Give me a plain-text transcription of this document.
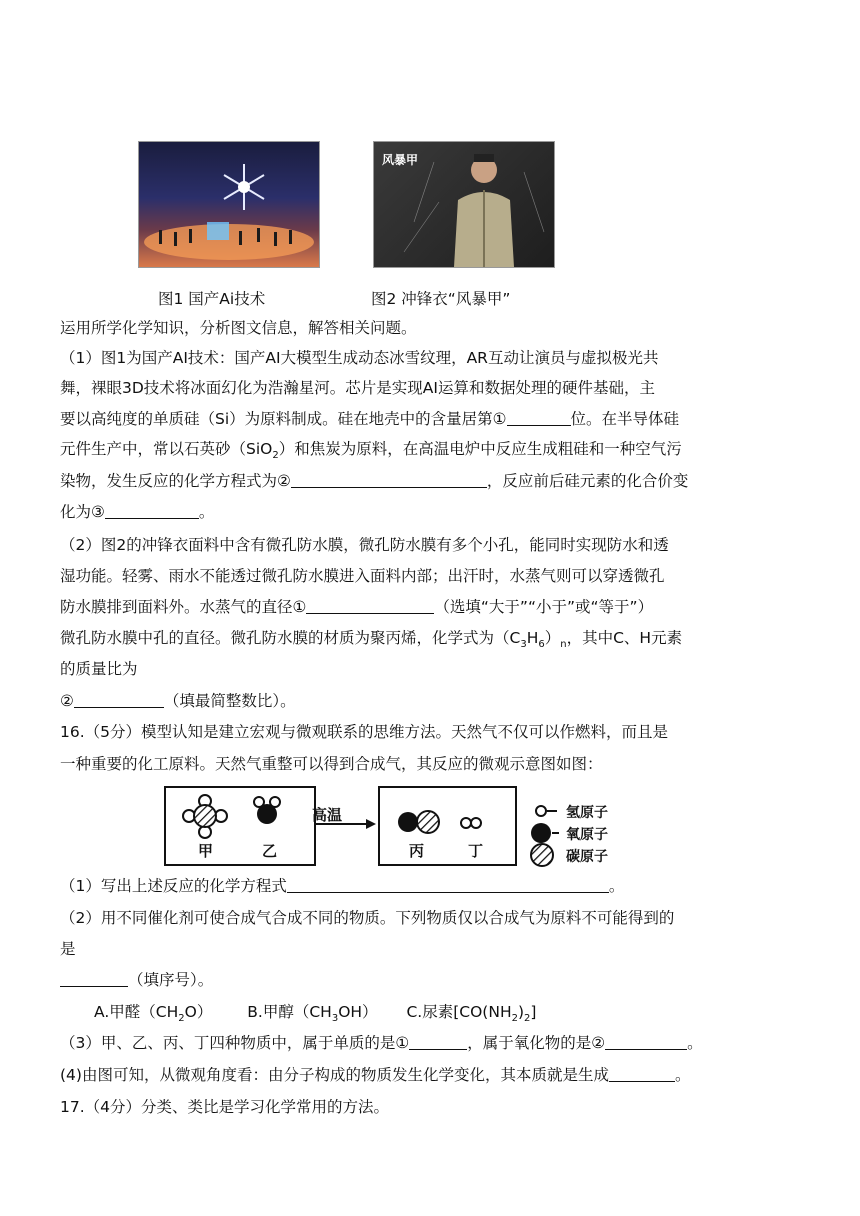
风暴甲
图1 国产Ai技术	图2 冲锋衣“风暴甲”
运用所学化学知识，分析图文信息，解答相关问题。
（1）图1为国产AI技术：国产AI大模型生成动态冰雪纹理，AR互动让演员与虚拟极光共
舞，裸眼3D技术将冰面幻化为浩瀚星河。芯片是实现AI运算和数据处理的硬件基础，主
要以高纯度的单质硅（Si）为原料制成。硅在地壳中的含量居第①	位。在半导体硅
元件生产中，常以石英砂（SiO$_2$）和焦炭为原料，在高温电炉中反应生成粗硅和一种空气污
染物，发生反应的化学方程式为②	，反应前后硅元素的化合价变
化为③	。
（2）图2的冲锋衣面料中含有微孔防水膜，微孔防水膜有多个小孔，能同时实现防水和透
湿功能。轻雾、雨水不能透过微孔防水膜进入面料内部；出汗时，水蒸气则可以穿透微孔
防水膜排到面料外。水蒸气的直径①	（选填“大于”“小于”或“等于”）
微孔防水膜中孔的直径。微孔防水膜的材质为聚丙烯，化学式为$(C_3H_6)_n$，其中C、H元素
的质量比为
②	（填最简整数比）。
16.（5分）模型认知是建立宏观与微观联系的思维方法。天然气不仅可以作燃料，而且是
一种重要的化工原料。天然气重整可以得到合成气，其反应的微观示意图如图：
甲	乙	丙	丁
高温	氢原子
氧原子
碳原子
（1）写出上述反应的化学方程式	。
（2）用不同催化剂可使合成气合成不同的物质。下列物质仅以合成气为原料不可能得到的
是
（填序号）。
A.甲醛$(CH_2O)$ B.甲醇$(CH_3OH)$ C.尿素$[CO(NH_2)_2]$
（3）甲、乙、丙、丁四种物质中，属于单质的是①	，属于氧化物的是②	。
(4)由图可知，从微观角度看：由分子构成的物质发生化学变化，其本质就是生成	。
17.（4分）分类、类比是学习化学常用的方法。
